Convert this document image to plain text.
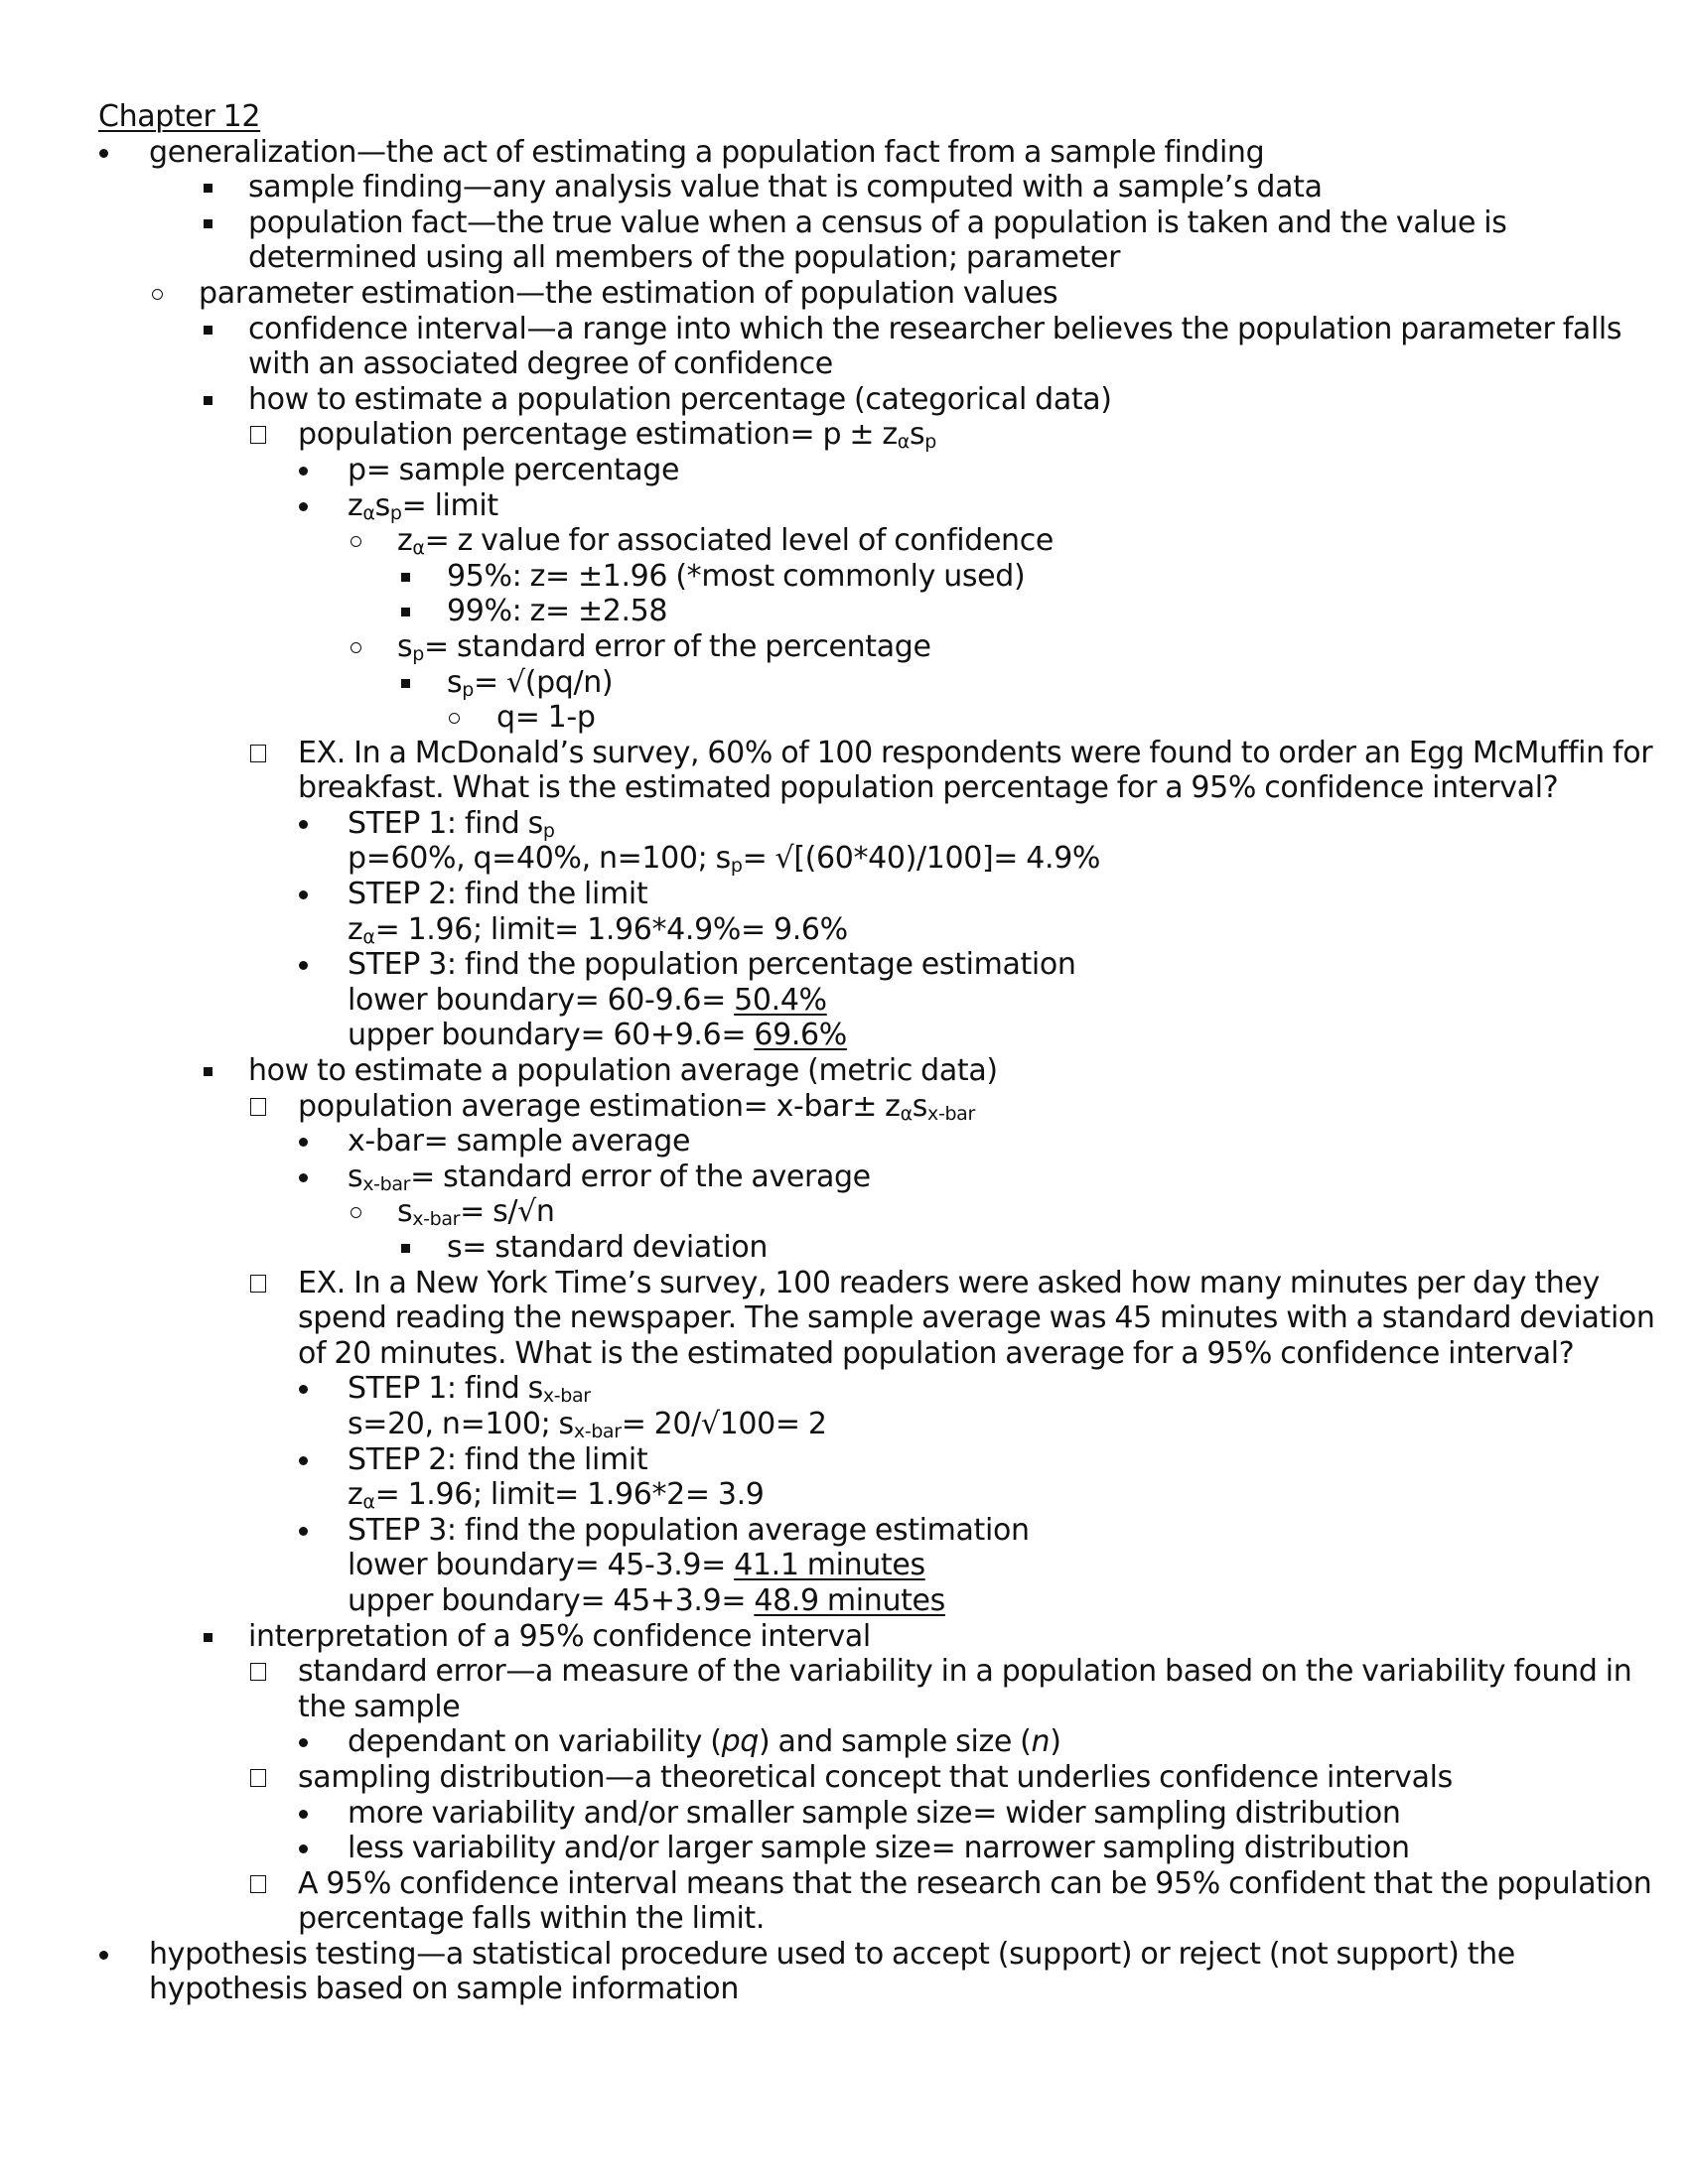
Chapter 12
generalization—the act of estimating a population fact from a sample finding
sample finding—any analysis value that is computed with a sample’s data
population fact—the true value when a census of a population is taken and the value is
determined using all members of the population; parameter
parameter estimation—the estimation of population values
confidence interval—a range into which the researcher believes the population parameter falls
with an associated degree of confidence
how to estimate a population percentage (categorical data)
population percentage estimation= $p \pm z_\alpha s_p$
p= sample percentage
$z_\alpha s_p=$ limit
$z_\alpha= z$ value for associated level of confidence
95%: z= ±1.96 (*most commonly used)
99%: z= ±2.58
$s_p=$ standard error of the percentage
$s_p= √(pq/n)$
q= 1-p
EX. In a McDonald’s survey, 60% of 100 respondents were found to order an Egg McMuffin for
breakfast. What is the estimated population percentage for a 95% confidence interval?
STEP 1: find $s_p$
p=60%, q=40%, n=100; $s_p= √[(60*40)/100]= 4.9\%$
STEP 2: find the limit
$z_\alpha= 1.96$; limit= 1.96*4.9%= 9.6%
STEP 3: find the population percentage estimation
lower boundary= 60-9.6= 50.4%
upper boundary= 60+9.6= 69.6%
how to estimate a population average (metric data)
population average estimation= $x-bar\pm z_\alpha s_{x-bar}$
x-bar= sample average
$s_{x-bar}=$ standard error of the average
$s_{x-bar}= s/√n$
s= standard deviation
EX. In a New York Time’s survey, 100 readers were asked how many minutes per day they
spend reading the newspaper. The sample average was 45 minutes with a standard deviation
of 20 minutes. What is the estimated population average for a 95% confidence interval?
STEP 1: find $s_{x-bar}$
s=20, n=100; $s_{x-bar}= 20/√100= 2$
STEP 2: find the limit
$z_\alpha= 1.96$; limit= 1.96*2= 3.9
STEP 3: find the population average estimation
lower boundary= 45-3.9= 41.1 minutes
upper boundary= 45+3.9= 48.9 minutes
interpretation of a 95% confidence interval
standard error—a measure of the variability in a population based on the variability found in
the sample
dependant on variability (pq) and sample size (n)
sampling distribution—a theoretical concept that underlies confidence intervals
more variability and/or smaller sample size= wider sampling distribution
less variability and/or larger sample size= narrower sampling distribution
A 95% confidence interval means that the research can be 95% confident that the population
percentage falls within the limit.
hypothesis testing—a statistical procedure used to accept (support) or reject (not support) the
hypothesis based on sample information
